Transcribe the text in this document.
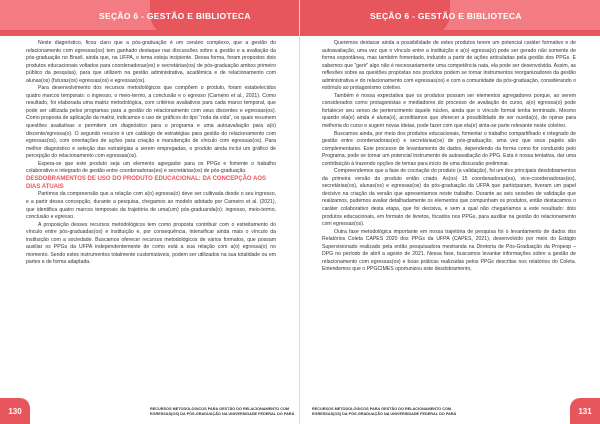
SEÇÃO 6 - GESTÃO E BIBLIOTECA

Neste diagnóstico, ficou claro que a pós-graduação é um cenário complexo, que a gestão do relacionamento com egressas(os) tem ganhado destaque nas discussões sobre a gestão e a avaliação da pós-graduação no Brasil, ainda que, na UFPA, o tema esteja incipiente. Dessa forma, foram propostos dois produtos educacionais voltados para coordenadoras(es) e secretárias(os) de pós-graduação ambos primeiro público da pesquisa), para que utilizem na gestão administrativa, acadêmica e de relacionamento com alunas(os) (futuras(os) egressas(os) e egressas(os).

Para desenvolvimento dos recursos metodológicos que compõem o produto, foram estabelecidos quatro marcos temporais: o ingresso, o meio-termo, a conclusão e o egresso (Carneiro et al., 2021). Como resultado, foi elaborada uma matriz metodológica, com critérios avaliativos para cada marco temporal, que pode ser utilizada pelos programas para a gestão do relacionamento com seus discentes e egressas(os). Como proposta de aplicação da matriz, indicamos o uso de gráficos do tipo “roda da vida”, os quais resumem questões avaliativas e permitem um diagnóstico para o programa e uma autoavaliação para a(o) discente/egressa(o). O segundo recurso é um catálogo de estratégias para gestão do relacionamento com egressas(os), com orientações de ações para criação e manutenção de vínculo com egressas(os). Para melhor diagnóstico e seleção das estratégias a serem empregadas, o produto ainda inclui um gráfico de percepção do relacionamento com egressas(os).

Espera-se que este produto seja um elemento agregador para os PPGs e fomente o trabalho colaborativo e integrado de gestão entre coordenadoras(es) e secretárias(os) de pós-graduação.

DESDOBRAMENTOS DE USO DO PRODUTO EDUCACIONAL: DA CONCEPÇÃO AOS DIAS ATUAIS

Partimos da compreensão que a relação com a(o) egressa(o) deve ser cultivada desde o seu ingresso, e a partir dessa concepção, durante a pesquisa, chegamos ao modelo adotado por Carneiro et al. (2021), que identifica quatro marcos temporais da trajetória de uma(um) pós-graduanda(o): ingresso, meio-termo, conclusão e egresso.

A proposição desses recursos metodológicos tem como proposta contribuir com o estreitamento do vínculo entre pós-graduadas(os) e instituição e, por consequência, intensificar ainda mais o vínculo da instituição com a sociedade. Buscamos oferecer recursos metodológicos de vários formatos, que possam auxiliar os PPGs da UFPA independentemente de como está a sua relação com a(o) egressa(o) no momento. Sendo estes instrumentos totalmente customizáveis, podem ser utilizados na sua totalidade ou em partes e de forma adaptada.

130	RECURSOS METODOLÓGICOS PARA GESTÃO DO RELACIONAMENTO COM
EGRESSAS(OS) DA PÓS-GRADUAÇÃO NA UNIVERSIDADE FEDERAL DO PARÁ
SEÇÃO 6 - GESTÃO E BIBLIOTECA

Queremos destacar ainda a possibilidade de estes produtos terem um potencial caráter formativo e de autoavaliação, uma vez que o vínculo entre a instituição e a(o) egressa(o) pode ser gerado não somente de forma espontânea, mas também fomentado, induzido a partir de ações articuladas pela gestão dos PPGs. E sabemos que “gerir” algo não é necessariamente uma competência nata, ela pode ser desenvolvida. Assim, as reflexões sobre as questões propostas nos produtos podem se tornar instrumentos reorganizadores da gestão administrativa e do relacionamento com egressas(os) e com a comunidade da pós-graduação, considerando o estímulo ao protagonismo coletivo.

Também é nossa expectativa que os produtos possam ser elementos agregadores porque, ao serem considerados como protagonistas e mediadores do processo de avaliação do curso, a(o) egressa(o) pode fortalecer seu senso de pertencimento àquele núcleo, ainda que o vínculo formal tenha terminado. Mesmo quando ela(e) ainda é aluna(o), acreditamos que oferecer a possibilidade de ser ouvida(o), de opinar para melhoria do curso e sugerir novas ideias, pode fazer com que ela(e) sinta-se parte relevante neste coletivo.

Buscamos ainda, por meio dos produtos educacionais, fomentar o trabalho compartilhado e integrado de gestão entre coordenadoras(es) e secretárias(os) de pós-graduação, uma vez que seus papéis são complementares. Este processo de levantamento de dados, dependendo da forma como for conduzido pelo Programa, pode se tornar um potencial instrumento de autoavaliação do PPG. Esta é nossa tentativa, dar uma contribuição à trazendo opções de temas para início de uma discussão preliminar.

Compreendemos que a fase de cocriação do produto (a validação), foi um dos principais desdobramentos da primeira versão do produto então criado. As(os) 15 coordenadoras(es), vice-coordenadoras(es), secretárias(os), alunas(os) e egressas(os) da pós-graduação da UFPA que participaram, tiveram um papel decisivo na criação da versão que apresentamos neste trabalho. Durante as seis sessões de validação que realizamos, pudemos avaliar detalhadamente os elementos que compunham os produtos, então destacamos o caráter colaborativo desta etapa, que foi decisiva, e sem a qual não chegaríamos a este resultado: dois produtos educacionais, em formato de livretos, focados nos PPGs, para auxiliar na gestão do relacionamento com egressas(os).

Outra fase metodológica importante em nossa trajetória de pesquisa foi o levantamento de dados dos Relatórios Coleta CAPES 2020 dos PPGs da UFPA (CAPES, 2021), desenvolvido por meio do Estágio Supervisionado realizado pela então pesquisadora mestranda na Diretoria de Pós-Graduação da Propesp – DPG no período de abril a agosto de 2021. Nessa fase, buscamos levantar informações sobre a gestão de relacionamento com egressas(os) e boas práticas realizadas pelos PPGs descritas nos relatórios do Coleta. Entendemos que o PPGCIMES oportunizou este desdobramento,

RECURSOS METODOLÓGICOS PARA GESTÃO DO RELACIONAMENTO COM
EGRESSAS(OS) DA PÓS-GRADUAÇÃO NA UNIVERSIDADE FEDERAL DO PARÁ	131
